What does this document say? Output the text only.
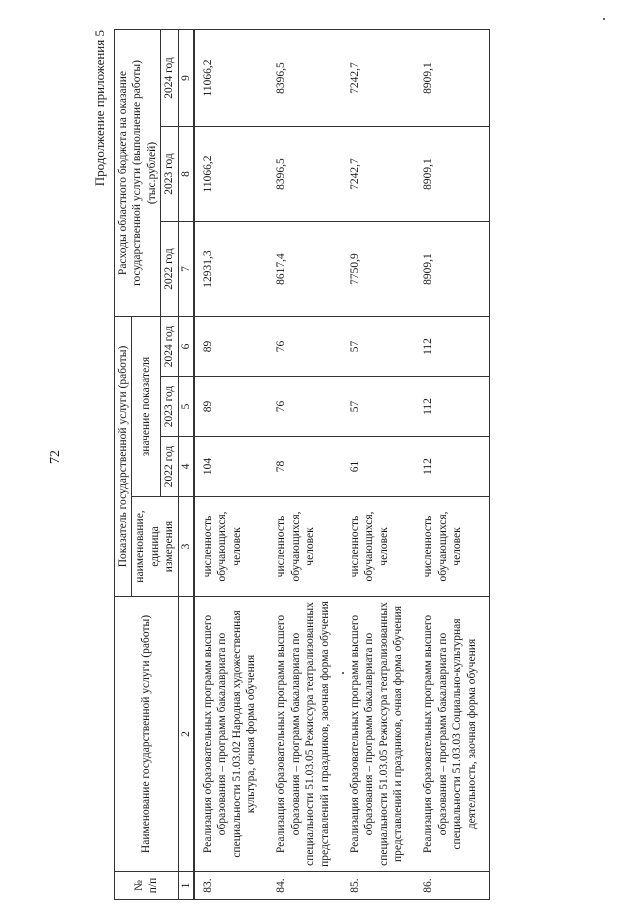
72
Продолжение приложения 5
№ п/п	Наименование государственной услуги (работы)	Показатель государственной услуги (работы)				Расходы областного бюджета на оказание государственной услуги (выполнение работы) (тыс.рублей)		
		наименование, единица измерения	значение показателя					
			2022 год	2023 год	2024 год	2022 год	2023 год	2024 год
1	2	3	4	5	6	7	8	9
83.	Реализация образовательных программ высшего образования – программ бакалавриата по специальности 51.03.02 Народная художественная культура, очная форма обучения	численность обучающихся, человек	104	89	89	12931,3	11066,2	11066,2
84.	Реализация образовательных программ высшего образования – программ бакалавриата по специальности 51.03.05 Режиссура театрализованных представлений и праздников, заочная форма обучения	численность обучающихся, человек	78	76	76	8617,4	8396,5	8396,5
85.	Реализация образовательных программ высшего образования – программ бакалавриата по специальности 51.03.05 Режиссура театрализованных представлений и праздников, очная форма обучения	численность обучающихся, человек	61	57	57	7750,9	7242,7	7242,7
86.	Реализация образовательных программ высшего образования – программ бакалавриата по специальности 51.03.03 Социально-культурная деятельность, заочная форма обучения	численность обучающихся, человек	112	112	112	8909,1	8909,1	8909,1
